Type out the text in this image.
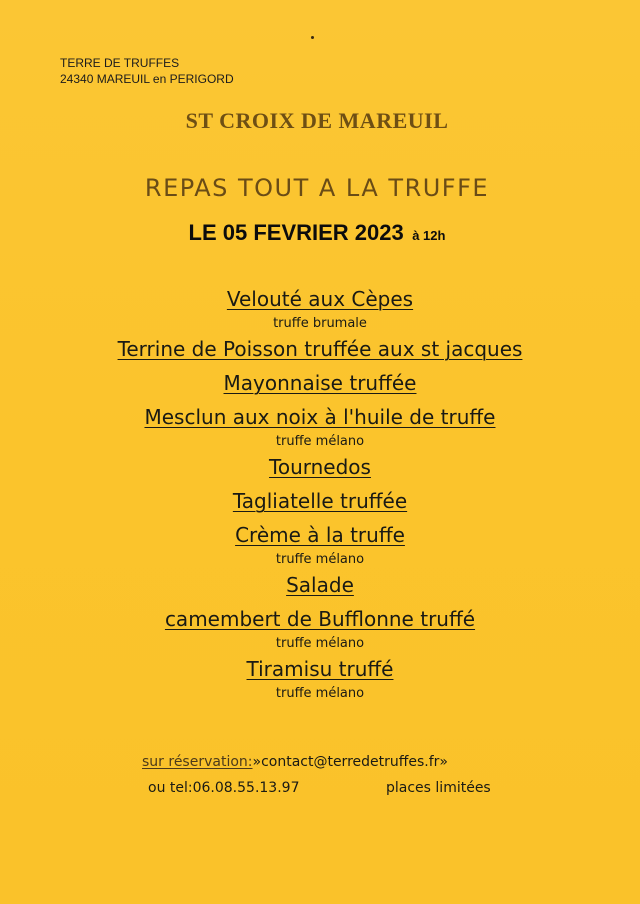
TERRE DE TRUFFES
24340 MAREUIL en PERIGORD
ST CROIX DE MAREUIL
REPAS TOUT A LA TRUFFE
LE 05 FEVRIER 2023 à 12h
Velouté aux Cèpes
truffe brumale
Terrine de Poisson truffée aux st jacques
Mayonnaise truffée
Mesclun aux noix à l'huile de truffe
truffe mélano
Tournedos
Tagliatelle truffée
Crème à la truffe
truffe mélano
Salade
camembert de Bufflonne truffé
truffe mélano
Tiramisu truffé
truffe mélano
sur réservation:»contact@terredetruffes.fr»
ou tel:06.08.55.13.97	places limitées
